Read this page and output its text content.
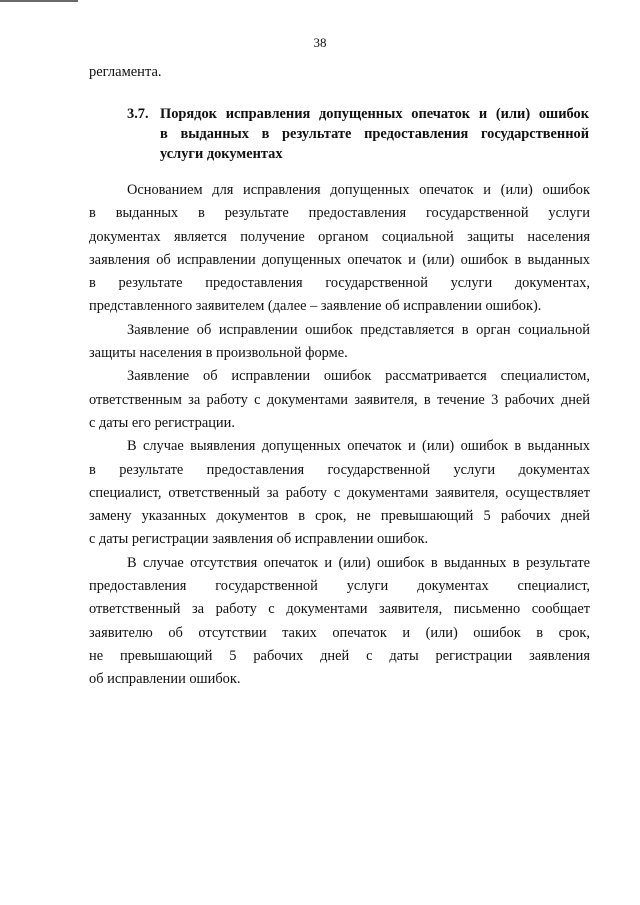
38
регламента.
3.7. Порядок исправления допущенных опечаток и (или) ошибок
в выданных в результате предоставления государственной
услуги документах

Основанием для исправления допущенных опечаток и (или) ошибок
в выданных в результате предоставления государственной услуги
документах является получение органом социальной защиты населения
заявления об исправлении допущенных опечаток и (или) ошибок в выданных
в результате предоставления государственной услуги документах,
представленного заявителем (далее – заявление об исправлении ошибок).

Заявление об исправлении ошибок представляется в орган социальной
защиты населения в произвольной форме.

Заявление об исправлении ошибок рассматривается специалистом,
ответственным за работу с документами заявителя, в течение 3 рабочих дней
с даты его регистрации.

В случае выявления допущенных опечаток и (или) ошибок в выданных
в результате предоставления государственной услуги документах
специалист, ответственный за работу с документами заявителя, осуществляет
замену указанных документов в срок, не превышающий 5 рабочих дней
с даты регистрации заявления об исправлении ошибок.

В случае отсутствия опечаток и (или) ошибок в выданных в результате
предоставления государственной услуги документах специалист,
ответственный за работу с документами заявителя, письменно сообщает
заявителю об отсутствии таких опечаток и (или) ошибок в срок,
не превышающий 5 рабочих дней с даты регистрации заявления
об исправлении ошибок.
